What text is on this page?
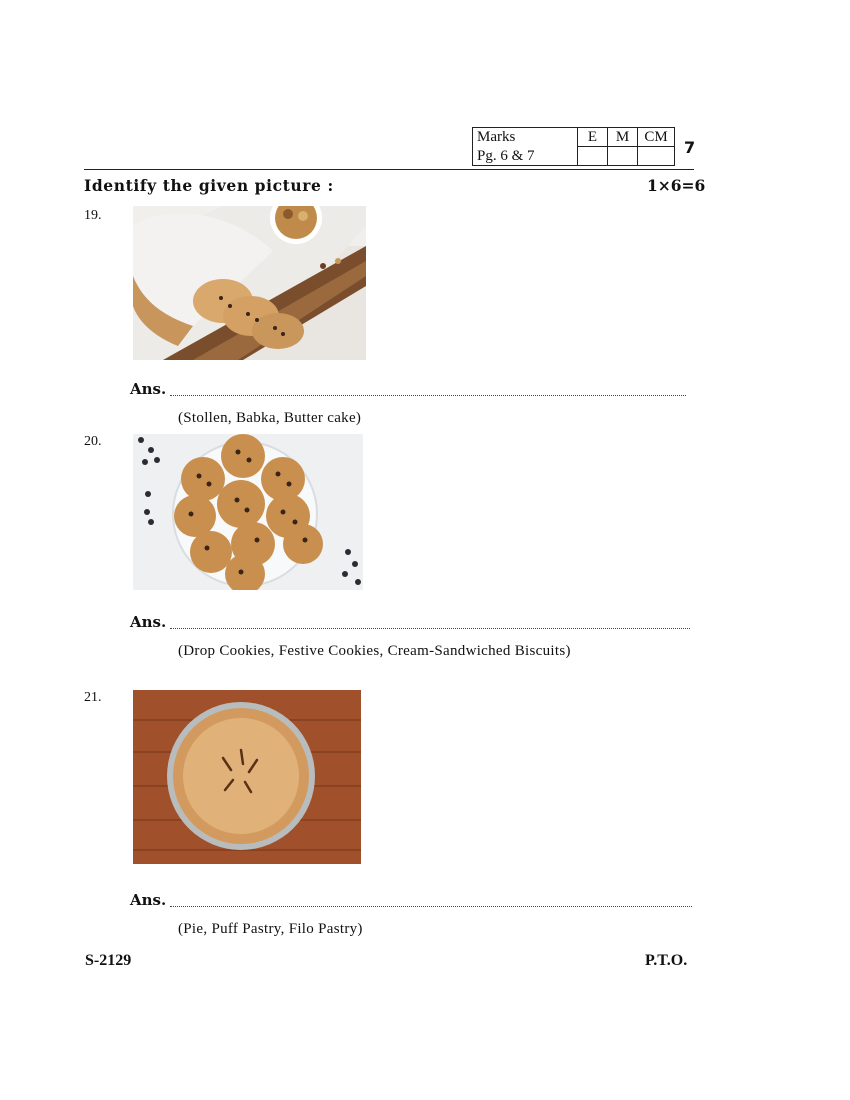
Marks	E	M	CM
Pg. 6 & 7				7
Identify the given picture :	1×6=6
19.
Ans.
(Stollen, Babka, Butter cake)
20.
Ans.
(Drop Cookies, Festive Cookies, Cream-Sandwiched Biscuits)
21.
Ans.
(Pie, Puff Pastry, Filo Pastry)
S-2129	P.T.O.
